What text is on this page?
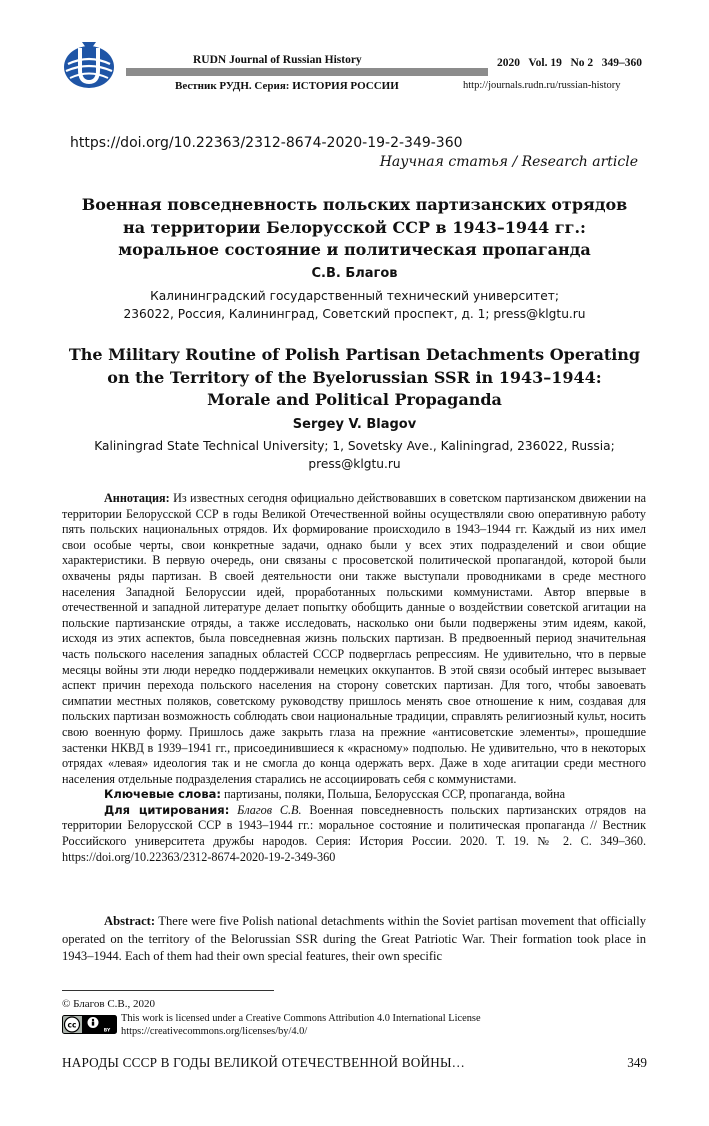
RUDN Journal of Russian History
Вестник РУДН. Серия: ИСТОРИЯ РОССИИ
2020   Vol. 19   No 2   349–360
http://journals.rudn.ru/russian-history
https://doi.org/10.22363/2312-8674-2020-19-2-349-360
Научная статья / Research article
Военная повседневность польских партизанских отрядов
на территории Белорусской ССР в 1943–1944 гг.:
моральное состояние и политическая пропаганда
С.В. Благов
Калининградский государственный технический университет;
236022, Россия, Калининград, Советский проспект, д. 1; press@klgtu.ru
The Military Routine of Polish Partisan Detachments Operating
on the Territory of the Byelorussian SSR in 1943–1944:
Morale and Political Propaganda
Sergey V. Blagov
Kaliningrad State Technical University; 1, Sovetsky Ave., Kaliningrad, 236022, Russia;
press@klgtu.ru

Аннотация: Из известных сегодня официально действовавших в советском партизанском движении на территории Белорусской ССР в годы Великой Отечественной войны осуществляли свою оперативную работу пять польских национальных отрядов. Их формирование происходило в 1943–1944 гг. Каждый из них имел свои особые черты, свои конкретные задачи, однако были у всех этих подразделений и свои общие характеристики. В первую очередь, они связаны с просоветской политической пропагандой, которой были охвачены ряды партизан. В своей деятельности они также выступали проводниками в среде местного населения Западной Белоруссии идей, проработанных польскими коммунистами. Автор впервые в отечественной и западной литературе делает попытку обобщить данные о воздействии советской агитации на польские партизанские отряды, а также исследовать, насколько они были подвержены этим идеям, какой, исходя из этих аспектов, была повседневная жизнь польских партизан. В предвоенный период значительная часть польского населения западных областей СССР подверглась репрессиям. Не удивительно, что в первые месяцы войны эти люди нередко поддерживали немецких оккупантов. В этой связи особый интерес вызывает аспект причин перехода польского населения на сторону советских партизан. Для того, чтобы завоевать симпатии местных поляков, советскому руководству пришлось менять свое отношение к ним, создавая для польских партизан возможность соблюдать свои национальные традиции, справлять религиозный культ, носить свою военную форму. Пришлось даже закрыть глаза на прежние «антисоветские элементы», прошедшие застенки НКВД в 1939–1941 гг., присоединившиеся к «красному» подполью. Не удивительно, что в некоторых отрядах «левая» идеология так и не смогла до конца одержать верх. Даже в ходе агитации среди местного населения отдельные подразделения старались не ассоциировать себя с коммунистами.

Ключевые слова: партизаны, поляки, Польша, Белорусская ССР, пропаганда, война

Для цитирования: Благов С.В. Военная повседневность польских партизанских отрядов на территории Белорусской ССР в 1943–1944 гг.: моральное состояние и политическая пропаганда // Вестник Российского университета дружбы народов. Серия: История России. 2020. Т. 19. № 2. С. 349–360. https://doi.org/10.22363/2312-8674-2020-19-2-349-360

Abstract: There were five Polish national detachments within the Soviet partisan movement that officially operated on the territory of the Belorussian SSR during the Great Patriotic War. Their formation took place in 1943–1944. Each of them had their own special features, their own specific

© Благов С.В., 2020
cc
BY
This work is licensed under a Creative Commons Attribution 4.0 International License
https://creativecommons.org/licenses/by/4.0/
НАРОДЫ СССР В ГОДЫ ВЕЛИКОЙ ОТЕЧЕСТВЕННОЙ ВОЙНЫ…	349
